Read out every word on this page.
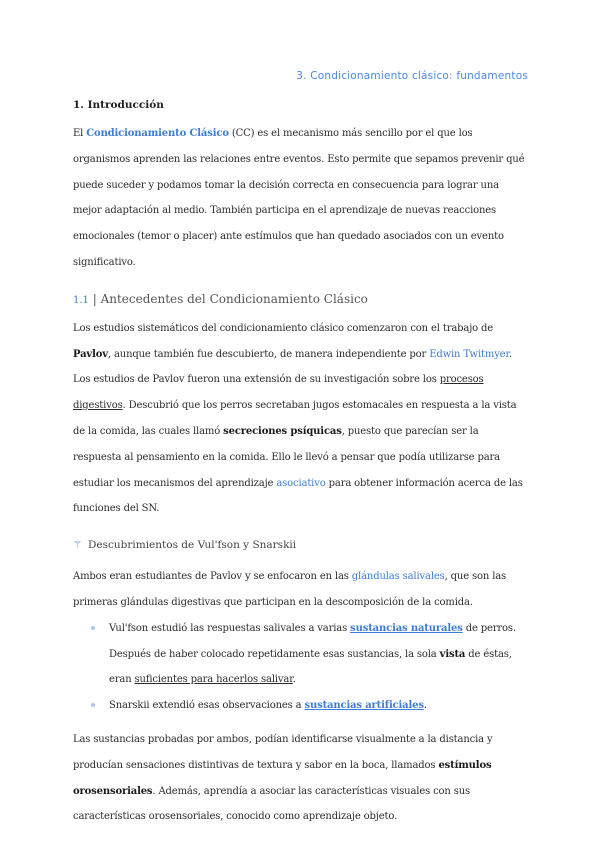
3. Condicionamiento clásico: fundamentos
1. Introducción

El Condicionamiento Clásico (CC) es el mecanismo más sencillo por el que los organismos aprenden las relaciones entre eventos. Esto permite que sepamos prevenir qué puede suceder y podamos tomar la decisión correcta en consecuencia para lograr una mejor adaptación al medio. También participa en el aprendizaje de nuevas reacciones emocionales (temor o placer) ante estímulos que han quedado asociados con un evento significativo.

1.1 | Antecedentes del Condicionamiento Clásico

Los estudios sistemáticos del condicionamiento clásico comenzaron con el trabajo de Pavlov, aunque también fue descubierto, de manera independiente por Edwin Twitmyer. Los estudios de Pavlov fueron una extensión de su investigación sobre los procesos digestivos. Descubrió que los perros secretaban jugos estomacales en respuesta a la vista de la comida, las cuales llamó secreciones psíquicas, puesto que parecían ser la respuesta al pensamiento en la comida. Ello le llevó a pensar que podía utilizarse para estudiar los mecanismos del aprendizaje asociativo para obtener información acerca de las funciones del SN.

⚚ Descubrimientos de Vul'fson y Snarskii

Ambos eran estudiantes de Pavlov y se enfocaron en las glándulas salivales, que son las primeras glándulas digestivas que participan en la descomposición de la comida.

Vul'fson estudió las respuestas salivales a varias sustancias naturales de perros. Después de haber colocado repetidamente esas sustancias, la sola vista de éstas, eran suficientes para hacerlos salivar.
Snarskii extendió esas observaciones a sustancias artificiales.

Las sustancias probadas por ambos, podían identificarse visualmente a la distancia y producían sensaciones distintivas de textura y sabor en la boca, llamados estímulos orosensoriales. Además, aprendía a asociar las características visuales con sus características orosensoriales, conocido como aprendizaje objeto.
